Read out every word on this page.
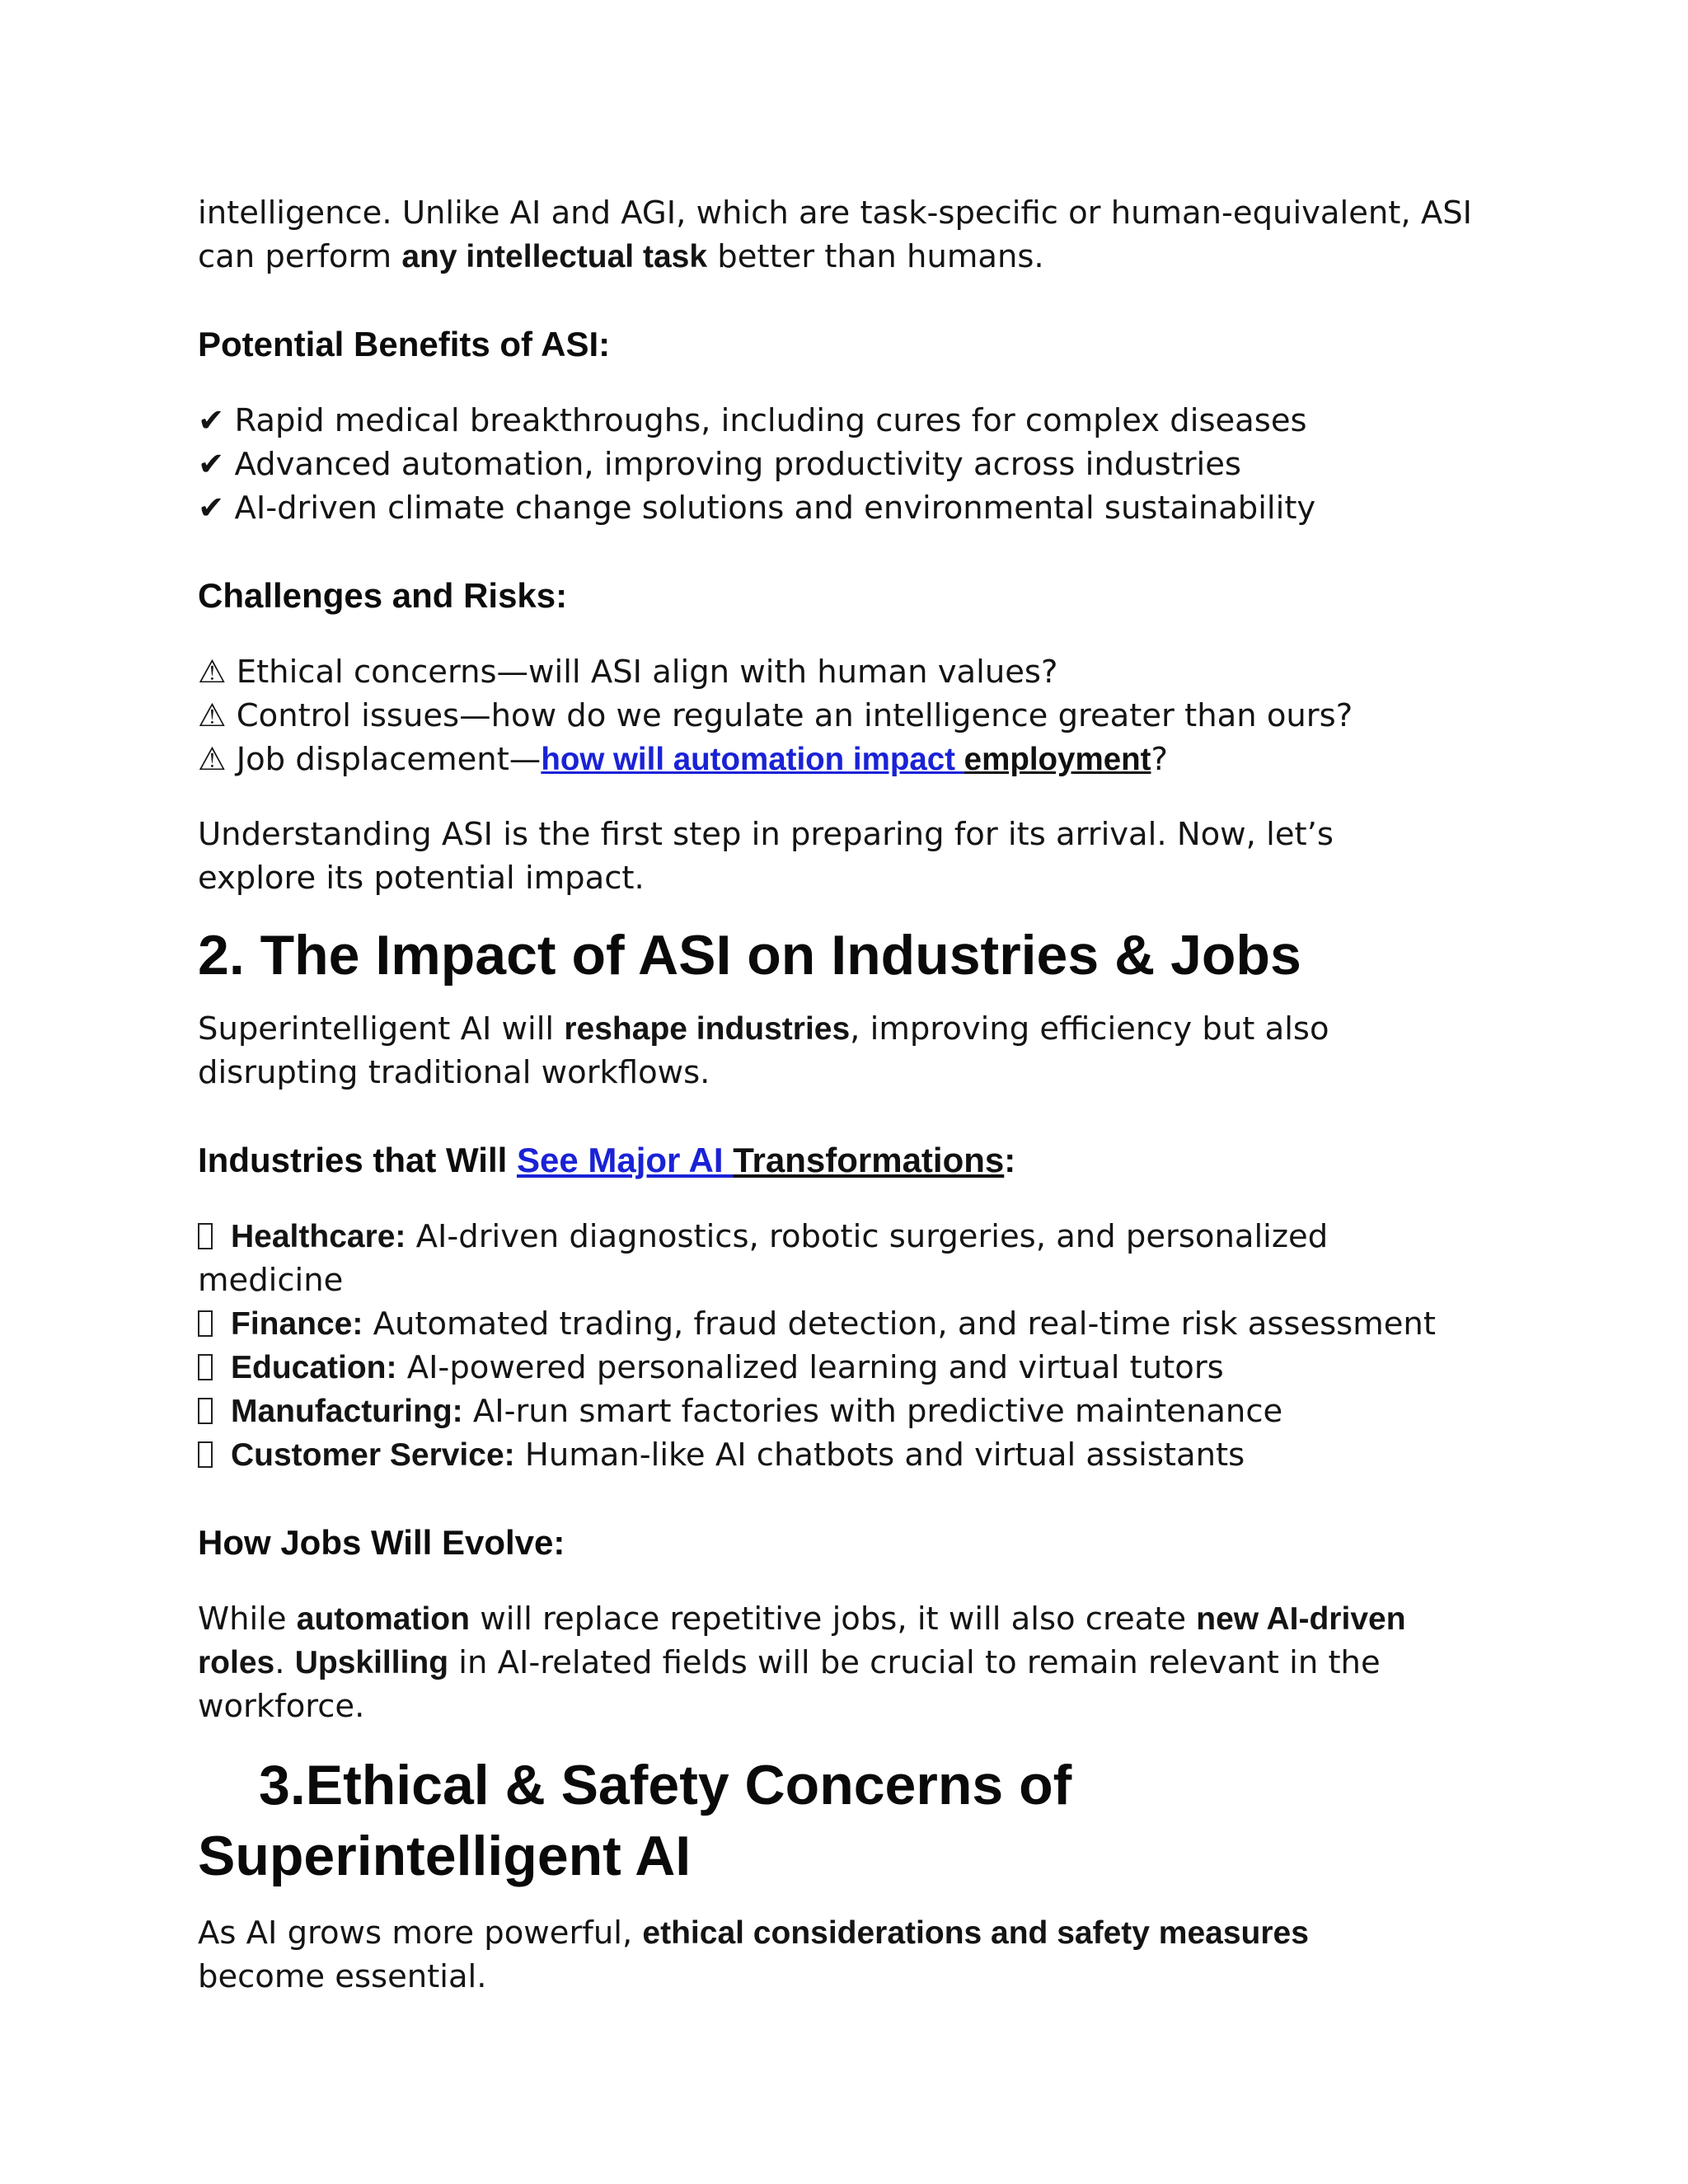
intelligence. Unlike AI and AGI, which are task-specific or human-equivalent, ASI
can perform any intellectual task better than humans.

Potential Benefits of ASI:

✔ Rapid medical breakthroughs, including cures for complex diseases
✔ Advanced automation, improving productivity across industries
✔ AI-driven climate change solutions and environmental sustainability

Challenges and Risks:

⚠ Ethical concerns—will ASI align with human values?
⚠ Control issues—how do we regulate an intelligence greater than ours?
⚠ Job displacement—how will automation impact employment?

Understanding ASI is the first step in preparing for its arrival. Now, let’s
explore its potential impact.

2. The Impact of ASI on Industries & Jobs

Superintelligent AI will reshape industries, improving efficiency but also
disrupting traditional workflows.

Industries that Will See Major AI Transformations:

Healthcare: AI-driven diagnostics, robotic surgeries, and personalized
medicine
Finance: Automated trading, fraud detection, and real-time risk assessment
Education: AI-powered personalized learning and virtual tutors
Manufacturing: AI-run smart factories with predictive maintenance
Customer Service: Human-like AI chatbots and virtual assistants

How Jobs Will Evolve:

While automation will replace repetitive jobs, it will also create new AI-driven
roles. Upskilling in AI-related fields will be crucial to remain relevant in the
workforce.

3.Ethical & Safety Concerns of
Superintelligent AI

As AI grows more powerful, ethical considerations and safety measures
become essential.
